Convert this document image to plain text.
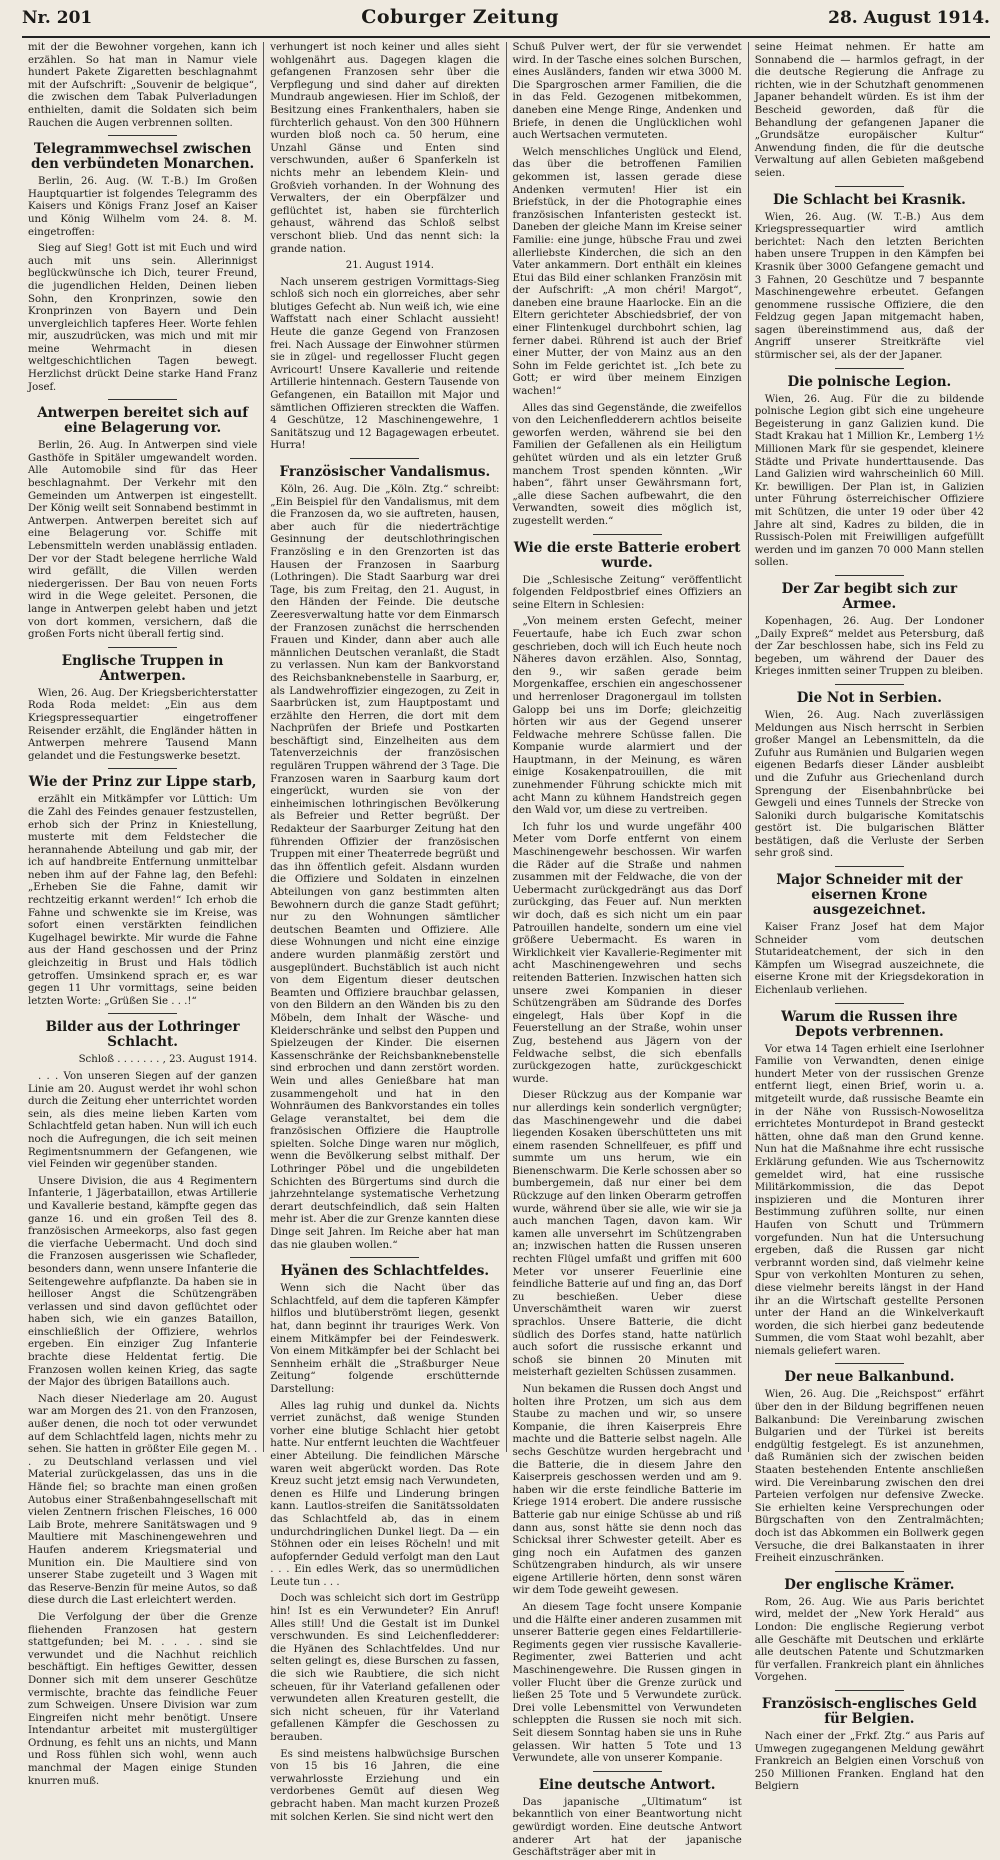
Nr. 201	Coburger Zeitung	28. August 1914.

mit der die Bewohner vorgehen, kann ich erzählen. So hat man in Namur viele hundert Pakete Zigaretten beschlagnahmt mit der Aufschrift: „Souvenir de belgique“, die zwischen dem Tabak Pulverladungen enthielten, damit die Soldaten sich beim Rauchen die Augen verbrennen sollten.

Telegrammwechsel zwischen den verbündeten Monarchen.

Berlin, 26. Aug. (W. T.-B.) Im Großen Hauptquartier ist folgendes Telegramm des Kaisers und Königs Franz Josef an Kaiser und König Wilhelm vom 24. 8. M. eingetroffen:

Sieg auf Sieg! Gott ist mit Euch und wird auch mit uns sein. Allerinnigst beglückwünsche ich Dich, teurer Freund, die jugendlichen Helden, Deinen lieben Sohn, den Kronprinzen, sowie den Kronprinzen von Bayern und Dein unvergleichlich tapferes Heer. Worte fehlen mir, auszudrücken, was mich und mit mir meine Wehrmacht in diesen weltgeschichtlichen Tagen bewegt. Herzlichst drückt Deine starke Hand Franz Josef.

Antwerpen bereitet sich auf eine Belagerung vor.

Berlin, 26. Aug. In Antwerpen sind viele Gasthöfe in Spitäler umgewandelt worden. Alle Automobile sind für das Heer beschlagnahmt. Der Verkehr mit den Gemeinden um Antwerpen ist eingestellt. Der König weilt seit Sonnabend bestimmt in Antwerpen. Antwerpen bereitet sich auf eine Belagerung vor. Schiffe mit Lebensmitteln werden unablässig entladen. Der vor der Stadt belegene herrliche Wald wird gefällt, die Villen werden niedergerissen. Der Bau von neuen Forts wird in die Wege geleitet. Personen, die lange in Antwerpen gelebt haben und jetzt von dort kommen, versichern, daß die großen Forts nicht überall fertig sind.

Englische Truppen in Antwerpen.

Wien, 26. Aug. Der Kriegsberichterstatter Roda Roda meldet: „Ein aus dem Kriegspressequartier eingetroffener Reisender erzählt, die Engländer hätten in Antwerpen mehrere Tausend Mann gelandet und die Festungswerke besetzt.

Wie der Prinz zur Lippe starb,

erzählt ein Mitkämpfer vor Lüttich: Um die Zahl des Feindes genauer festzustellen, erhob sich der Prinz in Kniestellung, musterte mit dem Feldstecher die herannahende Abteilung und gab mir, der ich auf handbreite Entfernung unmittelbar neben ihm auf der Fahne lag, den Befehl: „Erheben Sie die Fahne, damit wir rechtzeitig erkannt werden!“ Ich erhob die Fahne und schwenkte sie im Kreise, was sofort einen verstärkten feindlichen Kugelhagel bewirkte. Mir wurde die Fahne aus der Hand geschossen und der Prinz gleichzeitig in Brust und Hals tödlich getroffen. Umsinkend sprach er, es war gegen 11 Uhr vormittags, seine beiden letzten Worte: „Grüßen Sie . . .!“

Bilder aus der Lothringer Schlacht.

Schloß . . . . . . . , 23. August 1914.

. . . Von unseren Siegen auf der ganzen Linie am 20. August werdet ihr wohl schon durch die Zeitung eher unterrichtet worden sein, als dies meine lieben Karten vom Schlachtfeld getan haben. Nun will ich euch noch die Aufregungen, die ich seit meinen Regimentsnummern der Gefangenen, wie viel Feinden wir gegenüber standen.

Unsere Division, die aus 4 Regimentern Infanterie, 1 Jägerbataillon, etwas Artillerie und Kavallerie bestand, kämpfte gegen das ganze 16. und ein großen Teil des 8. französischen Armeekorps, also fast gegen die vierfache Uebermacht. Und doch sind die Franzosen ausgerissen wie Schafleder, besonders dann, wenn unsere Infanterie die Seitengewehre aufpflanzte. Da haben sie in heilloser Angst die Schützengräben verlassen und sind davon geflüchtet oder haben sich, wie ein ganzes Bataillon, einschließlich der Offiziere, wehrlos ergeben. Ein einziger Zug Infanterie brachte diese Heldentat fertig. Die Franzosen wollen keinen Krieg, das sagte der Major des übrigen Bataillons auch.

Nach dieser Niederlage am 20. August war am Morgen des 21. von den Franzosen, außer denen, die noch tot oder verwundet auf dem Schlachtfeld lagen, nichts mehr zu sehen. Sie hatten in größter Eile gegen M. . . zu Deutschland verlassen und viel Material zurückgelassen, das uns in die Hände fiel; so brachte man einen großen Autobus einer Straßenbahngesellschaft mit vielen Zentnern frischen Fleisches, 16 000 Laib Brote, mehrere Sanitätswagen und 9 Maultiere mit Maschinengewehren und Haufen anderem Kriegsmaterial und Munition ein. Die Maultiere sind von unserer Stabe zugeteilt und 3 Wagen mit das Reserve-Benzin für meine Autos, so daß diese durch die Last erleichtert werden.

Die Verfolgung der über die Grenze fliehenden Franzosen hat gestern stattgefunden; bei M. . . . . sind sie verwundet und die Nachhut reichlich beschäftigt. Ein heftiges Gewitter, dessen Donner sich mit dem unserer Geschütze vermischte, brachte das feindliche Feuer zum Schweigen. Unsere Division war zum Eingreifen nicht mehr benötigt. Unsere Intendantur arbeitet mit mustergültiger Ordnung, es fehlt uns an nichts, und Mann und Ross fühlen sich wohl, wenn auch manchmal der Magen einige Stunden knurren muß.

verhungert ist noch keiner und alles sieht wohlgenährt aus. Dagegen klagen die gefangenen Franzosen sehr über die Verpflegung und sind daher auf direkten Mundraub angewiesen. Hier im Schloß, der Besitzung eines Frankenthalers, haben sie fürchterlich gehaust. Von den 300 Hühnern wurden bloß noch ca. 50 herum, eine Unzahl Gänse und Enten sind verschwunden, außer 6 Spanferkeln ist nichts mehr an lebendem Klein- und Großvieh vorhanden. In der Wohnung des Verwalters, der ein Oberpfälzer und geflüchtet ist, haben sie fürchterlich gehaust, während das Schloß selbst verschont blieb. Und das nennt sich: la grande nation.

21. August 1914.

Nach unserem gestrigen Vormittags-Sieg schloß sich noch ein glorreiches, aber sehr blutiges Gefecht ab. Nun weiß ich, wie eine Waffstatt nach einer Schlacht aussieht! Heute die ganze Gegend von Franzosen frei. Nach Aussage der Einwohner stürmen sie in zügel- und regellosser Flucht gegen Avricourt! Unsere Kavallerie und reitende Artillerie hintennach. Gestern Tausende von Gefangenen, ein Bataillon mit Major und sämtlichen Offizieren streckten die Waffen. 4 Geschütze, 12 Maschinengewehre, 1 Sanitätszug und 12 Bagagewagen erbeutet. Hurra!

Französischer Vandalismus.

Köln, 26. Aug. Die „Köln. Ztg.“ schreibt: „Ein Beispiel für den Vandalismus, mit dem die Franzosen da, wo sie auftreten, hausen, aber auch für die niederträchtige Gesinnung der deutschlothringischen Französling e in den Grenzorten ist das Hausen der Franzosen in Saarburg (Lothringen). Die Stadt Saarburg war drei Tage, bis zum Freitag, den 21. August, in den Händen der Feinde. Die deutsche Zeeresverwaltung hatte vor dem Einmarsch der Franzosen zunächst die herrschenden Frauen und Kinder, dann aber auch alle männlichen Deutschen veranlaßt, die Stadt zu verlassen. Nun kam der Bankvorstand des Reichsbanknebenstelle in Saarburg, er, als Landwehroffizier eingezogen, zu Zeit in Saarbrücken ist, zum Hauptpostamt und erzählte den Herren, die dort mit dem Nachprüfen der Briefe und Postkarten beschäftigt sind, Einzelheiten aus dem Tatenverzeichnis der französischen regulären Truppen während der 3 Tage. Die Franzosen waren in Saarburg kaum dort eingerückt, wurden sie von der einheimischen lothringischen Bevölkerung als Befreier und Retter begrüßt. Der Redakteur der Saarburger Zeitung hat den führenden Offizier der französischen Truppen mit einer Theaterrede begrüßt und das ihn öffentlich gefeit. Alsdann wurden die Offiziere und Soldaten in einzelnen Abteilungen von ganz bestimmten alten Bewohnern durch die ganze Stadt geführt; nur zu den Wohnungen sämtlicher deutschen Beamten und Offiziere. Alle diese Wohnungen und nicht eine einzige andere wurden planmäßig zerstört und ausgeplündert. Buchstäblich ist auch nicht von dem Eigentum dieser deutschen Beamten und Offiziere brauchbar gelassen, von den Bildern an den Wänden bis zu den Möbeln, dem Inhalt der Wäsche- und Kleiderschränke und selbst den Puppen und Spielzeugen der Kinder. Die eisernen Kassenschränke der Reichsbanknebenstelle sind erbrochen und dann zerstört worden. Wein und alles Genießbare hat man zusammengeholt und hat in den Wohnräumen des Bankvorstandes ein tolles Gelage veranstaltet, bei dem die französischen Offiziere die Hauptrolle spielten. Solche Dinge waren nur möglich, wenn die Bevölkerung selbst mithalf. Der Lothringer Pöbel und die ungebildeten Schichten des Bürgertums sind durch die jahrzehntelange systematische Verhetzung derart deutschfeindlich, daß sein Halten mehr ist. Aber die zur Grenze kannten diese Dinge seit Jahren. Im Reiche aber hat man das nie glauben wollen.“

Hyänen des Schlachtfeldes.

Wenn sich die Nacht über das Schlachtfeld, auf dem die tapferen Kämpfer hilflos und blutüberströmt liegen, gesenkt hat, dann beginnt ihr trauriges Werk. Von einem Mitkämpfer bei der Feindeswerk. Von einem Mitkämpfer bei der Schlacht bei Sennheim erhält die „Straßburger Neue Zeitung“ folgende erschütternde Darstellung:

Alles lag ruhig und dunkel da. Nichts verriet zunächst, daß wenige Stunden vorher eine blutige Schlacht hier getobt hatte. Nur entfernt leuchten die Wachtfeuer einer Abteilung. Die feindlichen Märsche waren weit abgerückt worden. Das Rote Kreuz sucht jetzt emsig nach Verwundeten, denen es Hilfe und Linderung bringen kann. Lautlos-streifen die Sanitätssoldaten das Schlachtfeld ab, das in einem undurchdringlichen Dunkel liegt. Da — ein Stöhnen oder ein leises Röcheln! und mit aufopfernder Geduld verfolgt man den Laut . . . Ein edles Werk, das so unermüdlichen Leute tun . . .

Doch was schleicht sich dort im Gestrüpp hin! Ist es ein Verwundeter? Ein Anruf! Alles still! Und die Gestalt ist im Dunkel verschwunden. Es sind Leichenfledderer: die Hyänen des Schlachtfeldes. Und nur selten gelingt es, diese Burschen zu fassen, die sich wie Raubtiere, die sich nicht scheuen, für ihr Vaterland gefallenen oder verwundeten allen Kreaturen gestellt, die sich nicht scheuen, für ihr Vaterland gefallenen Kämpfer die Geschossen zu berauben.

Es sind meistens halbwüchsige Burschen von 15 bis 16 Jahren, die eine verwahrlosste Erziehung und ein verdorbenes Gemüt auf diesen Weg gebracht haben. Man macht kurzen Prozeß mit solchen Kerlen. Sie sind nicht wert den

Schuß Pulver wert, der für sie verwendet wird. In der Tasche eines solchen Burschen, eines Ausländers, fanden wir etwa 3000 M. Die Spargroschen armer Familien, die die in das Feld. Gezogenen mitbekommen, daneben eine Menge Ringe, Andenken und Briefe, in denen die Unglücklichen wohl auch Wertsachen vermuteten.

Welch menschliches Unglück und Elend, das über die betroffenen Familien gekommen ist, lassen gerade diese Andenken vermuten! Hier ist ein Briefstück, in der die Photographie eines französischen Infanteristen gesteckt ist. Daneben der gleiche Mann im Kreise seiner Familie: eine junge, hübsche Frau und zwei allerliebste Kinderchen, die sich an den Vater ankammern. Dort enthält ein kleines Etui das Bild einer schlanken Französin mit der Aufschrift: „A mon chéri! Margot“, daneben eine braune Haarlocke. Ein an die Eltern gerichteter Abschiedsbrief, der von einer Flintenkugel durchbohrt schien, lag ferner dabei. Rührend ist auch der Brief einer Mutter, der von Mainz aus an den Sohn im Felde gerichtet ist. „Ich bete zu Gott; er wird über meinem Einzigen wachen!“

Alles das sind Gegenstände, die zweifellos von den Leichenfledderern achtlos beiseite geworfen werden, während sie bei den Familien der Gefallenen als ein Heiligtum gehütet würden und als ein letzter Gruß manchem Trost spenden könnten. „Wir haben“, fährt unser Gewährsmann fort, „alle diese Sachen aufbewahrt, die den Verwandten, soweit dies möglich ist, zugestellt werden.“

Wie die erste Batterie erobert wurde.

Die „Schlesische Zeitung“ veröffentlicht folgenden Feldpostbrief eines Offiziers an seine Eltern in Schlesien:

„Von meinem ersten Gefecht, meiner Feuertaufe, habe ich Euch zwar schon geschrieben, doch will ich Euch heute noch Näheres davon erzählen. Also, Sonntag, den 9., wir saßen gerade beim Morgenkaffee, erschien ein angeschossener und herrenloser Dragonergaul im tollsten Galopp bei uns im Dorfe; gleichzeitig hörten wir aus der Gegend unserer Feldwache mehrere Schüsse fallen. Die Kompanie wurde alarmiert und der Hauptmann, in der Meinung, es wären einige Kosakenpatrouillen, die mit zunehmender Führung schickte mich mit acht Mann zu kühnem Handstreich gegen den Wald vor, um diese zu vertreiben.

Ich fuhr los und wurde ungefähr 400 Meter vom Dorfe entfernt von einem Maschinengewehr beschossen. Wir warfen die Räder auf die Straße und nahmen zusammen mit der Feldwache, die von der Uebermacht zurückgedrängt aus das Dorf zurückging, das Feuer auf. Nun merkten wir doch, daß es sich nicht um ein paar Patrouillen handelte, sondern um eine viel größere Uebermacht. Es waren in Wirklichkeit vier Kavallerie-Regimenter mit acht Maschinengewehren und sechs reitenden Batterien. Inzwischen hatten sich unsere zwei Kompanien in dieser Schützengräben am Südrande des Dorfes eingelegt, Hals über Kopf in die Feuerstellung an der Straße, wohin unser Zug, bestehend aus Jägern von der Feldwache selbst, die sich ebenfalls zurückgezogen hatte, zurückgeschickt wurde.

Dieser Rückzug aus der Kompanie war nur allerdings kein sonderlich vergnügter; das Maschinengewehr und die dabei liegenden Kosaken überschütteten uns mit einem rasenden Schnellfeuer, es pfiff und summte um uns herum, wie ein Bienenschwarm. Die Kerle schossen aber so bumbergemein, daß nur einer bei dem Rückzuge auf den linken Oberarm getroffen wurde, während über sie alle, wie wir sie ja auch manchen Tagen, davon kam. Wir kamen alle unversehrt im Schützengraben an; inzwischen hatten die Russen unseren rechten Flügel umfaßt und griffen mit 600 Meter vor unserer Feuerlinie eine feindliche Batterie auf und fing an, das Dorf zu beschießen. Ueber diese Unverschämtheit waren wir zuerst sprachlos. Unsere Batterie, die dicht südlich des Dorfes stand, hatte natürlich auch sofort die russische erkannt und schoß sie binnen 20 Minuten mit meisterhaft gezielten Schüssen zusammen.

Nun bekamen die Russen doch Angst und holten ihre Protzen, um sich aus dem Staube zu machen und wir, so unsere Kompanie, die ihren Kaiserpreis Ehre machte und die Batterie selbst nageln. Alle sechs Geschütze wurden hergebracht und die Batterie, die in diesem Jahre den Kaiserpreis geschossen werden und am 9. haben wir die erste feindliche Batterie im Kriege 1914 erobert. Die andere russische Batterie gab nur einige Schüsse ab und riß dann aus, sonst hätte sie denn noch das Schicksal ihrer Schwester geteilt. Aber es ging noch ein Aufatmen des ganzen Schützengraben hindurch, als wir unsere eigene Artillerie hörten, denn sonst wären wir dem Tode geweiht gewesen.

An diesem Tage focht unsere Kompanie und die Hälfte einer anderen zusammen mit unserer Batterie gegen eines Feldartillerie-Regiments gegen vier russische Kavallerie-Regimenter, zwei Batterien und acht Maschinengewehre. Die Russen gingen in voller Flucht über die Grenze zurück und ließen 25 Tote und 5 Verwundete zurück. Drei volle Lebensmittel von Verwundeten schleppten die Russen sie noch mit sich. Seit diesem Sonntag haben sie uns in Ruhe gelassen. Wir hatten 5 Tote und 13 Verwundete, alle von unserer Kompanie.

Eine deutsche Antwort.

Das japanische „Ultimatum“ ist bekanntlich von einer Beantwortung nicht gewürdigt worden. Eine deutsche Antwort anderer Art hat der japanische Geschäftsträger aber mit in

seine Heimat nehmen. Er hatte am Sonnabend die — harmlos gefragt, in der die deutsche Regierung die Anfrage zu richten, wie in der Schutzhaft genommenen Japaner behandelt würden. Es ist ihm der Bescheid geworden, daß für die Behandlung der gefangenen Japaner die „Grundsätze europäischer Kultur“ Anwendung finden, die für die deutsche Verwaltung auf allen Gebieten maßgebend seien.

Die Schlacht bei Krasnik.

Wien, 26. Aug. (W. T.-B.) Aus dem Kriegspressequartier wird amtlich berichtet: Nach den letzten Berichten haben unsere Truppen in den Kämpfen bei Krasnik über 3000 Gefangene gemacht und 3 Fahnen, 20 Geschütze und 7 bespannte Maschinengewehre erbeutet. Gefangen genommene russische Offiziere, die den Feldzug gegen Japan mitgemacht haben, sagen übereinstimmend aus, daß der Angriff unserer Streitkräfte viel stürmischer sei, als der der Japaner.

Die polnische Legion.

Wien, 26. Aug. Für die zu bildende polnische Legion gibt sich eine ungeheure Begeisterung in ganz Galizien kund. Die Stadt Krakau hat 1 Million Kr., Lemberg 1½ Millionen Mark für sie gespendet, kleinere Städte und Private hunderttausende. Das Land Galizien wird wahrscheinlich 60 Mill. Kr. bewilligen. Der Plan ist, in Galizien unter Führung österreichischer Offiziere mit Schützen, die unter 19 oder über 42 Jahre alt sind, Kadres zu bilden, die in Russisch-Polen mit Freiwilligen aufgefüllt werden und im ganzen 70 000 Mann stellen sollen.

Der Zar begibt sich zur Armee.

Kopenhagen, 26. Aug. Der Londoner „Daily Expreß“ meldet aus Petersburg, daß der Zar beschlossen habe, sich ins Feld zu begeben, um während der Dauer des Krieges inmitten seiner Truppen zu bleiben.

Die Not in Serbien.

Wien, 26. Aug. Nach zuverlässigen Meldungen aus Nisch herrscht in Serbien großer Mangel an Lebensmitteln, da die Zufuhr aus Rumänien und Bulgarien wegen eigenen Bedarfs dieser Länder ausbleibt und die Zufuhr aus Griechenland durch Sprengung der Eisenbahnbrücke bei Gewgeli und eines Tunnels der Strecke von Saloniki durch bulgarische Komitatschis gestört ist. Die bulgarischen Blätter bestätigen, daß die Verluste der Serben sehr groß sind.

Major Schneider mit der eisernen Krone ausgezeichnet.

Kaiser Franz Josef hat dem Major Schneider vom deutschen Stutarideatchement, der sich in den Kämpfen um Wisegrad auszeichnete, die eiserne Krone mit der Kriegsdekoration in Eichenlaub verliehen.

Warum die Russen ihre Depots verbrennen.

Vor etwa 14 Tagen erhielt eine Iserlohner Familie von Verwandten, denen einige hundert Meter von der russischen Grenze entfernt liegt, einen Brief, worin u. a. mitgeteilt wurde, daß russische Beamte ein in der Nähe von Russisch-Nowoselitza errichtetes Monturdepot in Brand gesteckt hätten, ohne daß man den Grund kenne. Nun hat die Maßnahme ihre echt russische Erklärung gefunden. Wie aus Tschernowitz gemeldet wird, hat eine russische Militärkommission, die das Depot inspizieren und die Monturen ihrer Bestimmung zuführen sollte, nur einen Haufen von Schutt und Trümmern vorgefunden. Nun hat die Untersuchung ergeben, daß die Russen gar nicht verbrannt worden sind, daß vielmehr keine Spur von verkohlten Monturen zu sehen, diese vielmehr bereits längst in der Hand ihr an die Wirtschaft gestellte Personen unter der Hand an die Winkelverkauft worden, die sich hierbei ganz bedeutende Summen, die vom Staat wohl bezahlt, aber niemals geliefert waren.

Der neue Balkanbund.

Wien, 26. Aug. Die „Reichspost“ erfährt über den in der Bildung begriffenen neuen Balkanbund: Die Vereinbarung zwischen Bulgarien und der Türkei ist bereits endgültig festgelegt. Es ist anzunehmen, daß Rumänien sich der zwischen beiden Staaten bestehenden Entente anschließen wird. Die Vereinbarung zwischen den drei Parteien verfolgen nur defensive Zwecke. Sie erhielten keine Versprechungen oder Bürgschaften von den Zentralmächten; doch ist das Abkommen ein Bollwerk gegen Versuche, die drei Balkanstaaten in ihrer Freiheit einzuschränken.

Der englische Krämer.

Rom, 26. Aug. Wie aus Paris berichtet wird, meldet der „New York Herald“ aus London: Die englische Regierung verbot alle Geschäfte mit Deutschen und erklärte alle deutschen Patente und Schutzmarken für verfallen. Frankreich plant ein ähnliches Vorgehen.

Französisch-englisches Geld für Belgien.

Nach einer der „Frkf. Ztg.“ aus Paris auf Umwegen zugegangenen Meldung gewährt Frankreich an Belgien einen Vorschuß von 250 Millionen Franken. England hat den Belgiern
